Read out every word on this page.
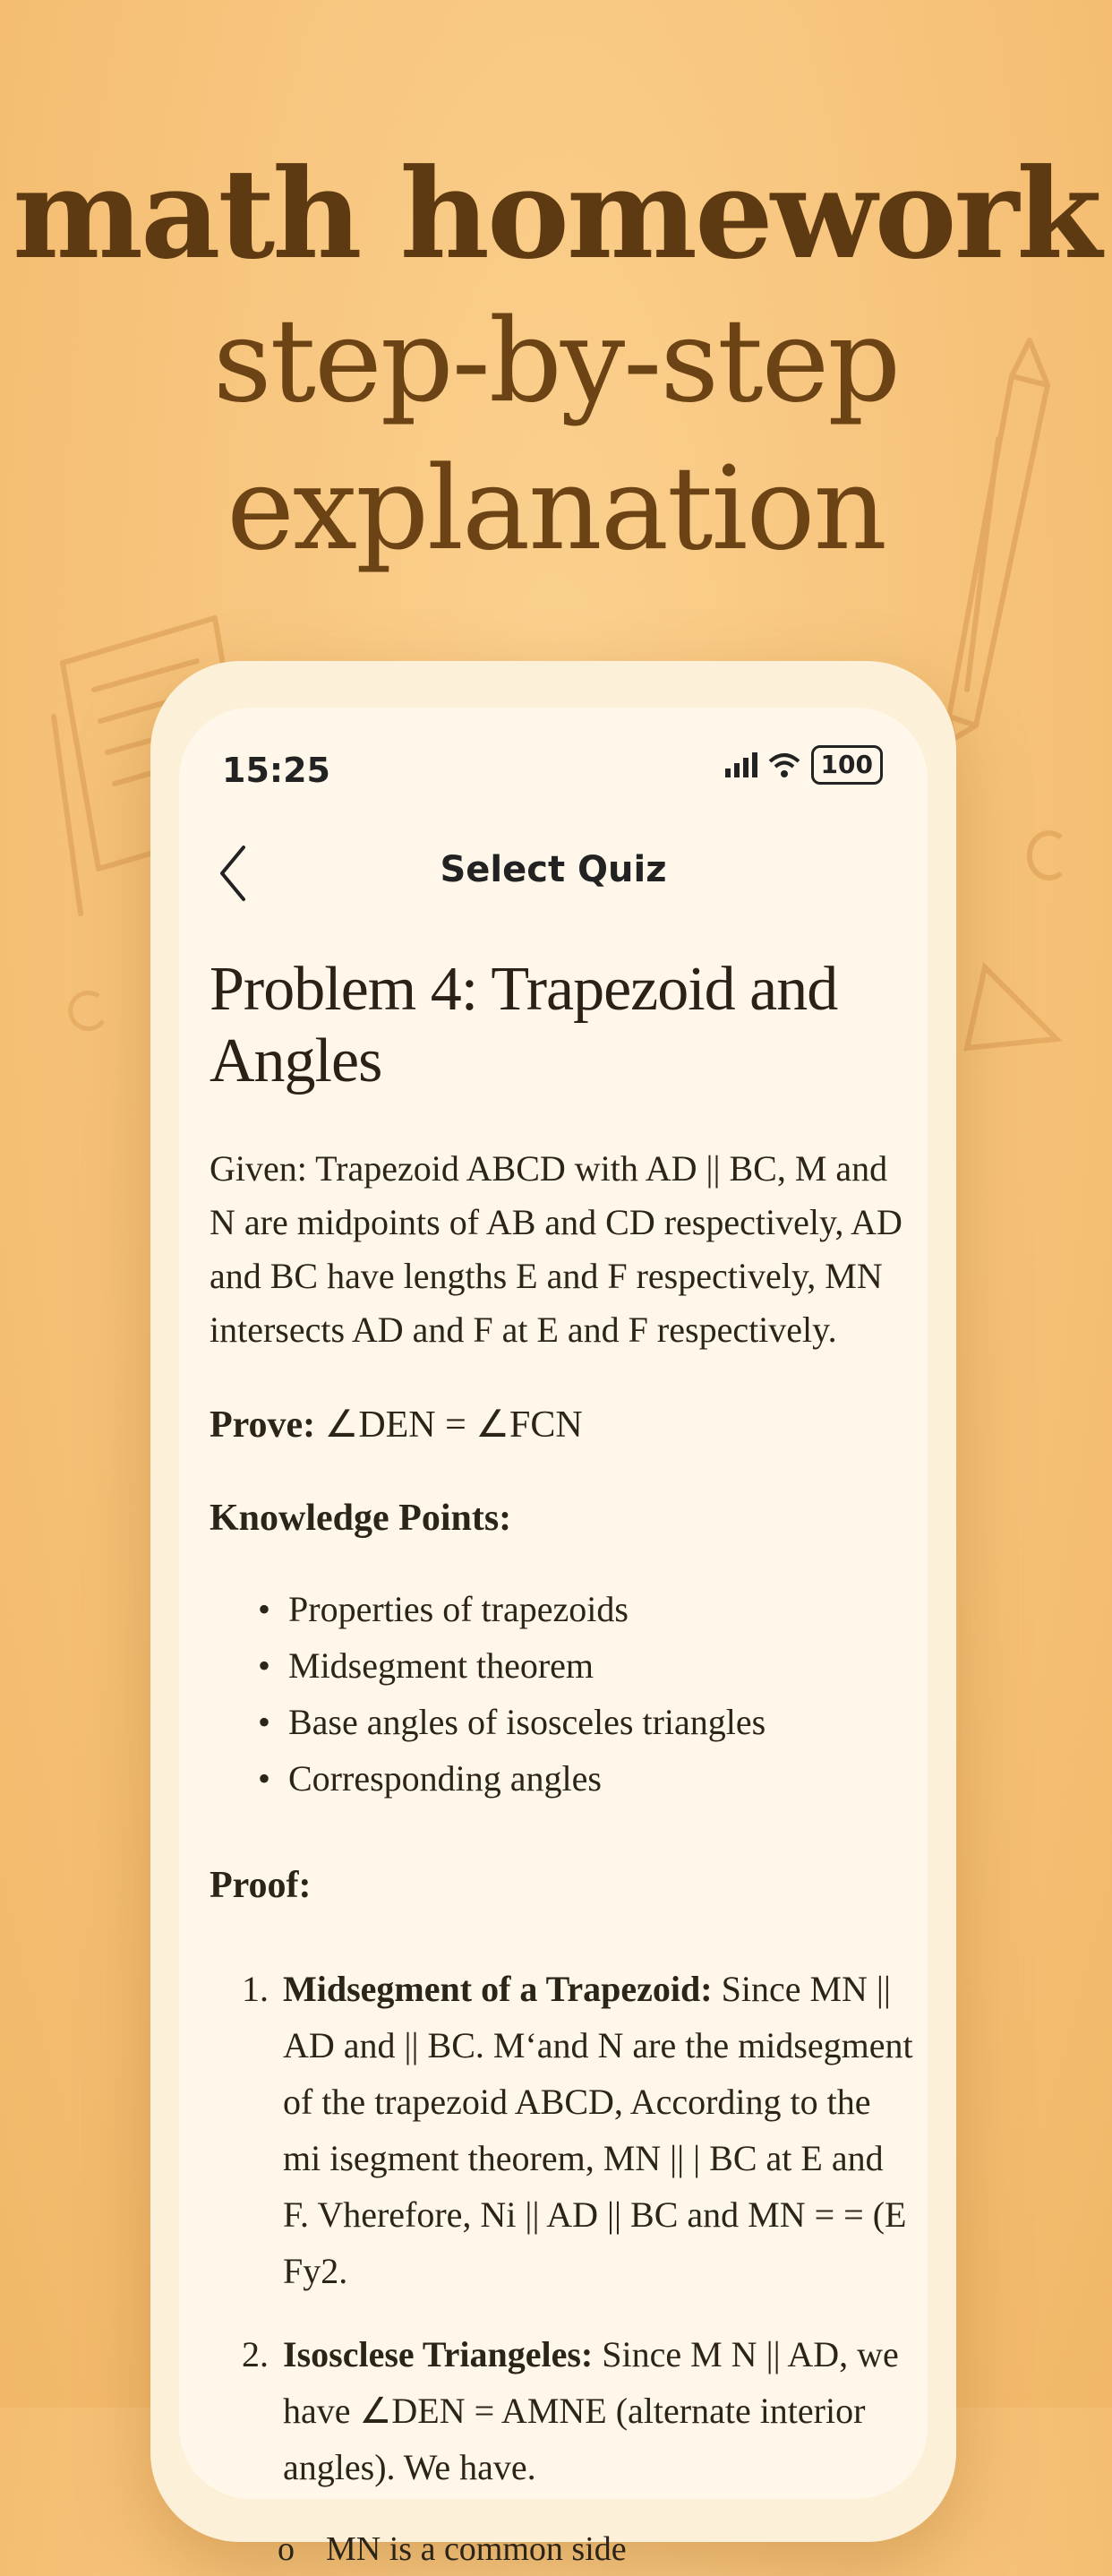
math homework
step-by-step
explanation
15:25	100
Select Quiz
Problem 4: Trapezoid and Angles

Given: Trapezoid ABCD with AD || BC, M and N are midpoints of AB and CD respectively, AD and BC have lengths E and F respectively, MN intersects AD and F at E and F respectively.

Prove: ∠DEN = ∠FCN

Knowledge Points:
• Properties of trapezoids
• Midsegment theorem
• Base angles of isosceles triangles
• Corresponding angles
Proof:
1. Midsegment of a Trapezoid: Since MN || AD and || BC. M‘and N are the midsegment of the trapezoid ABCD, According to the mi isegment theorem, MN || | BC at E and F. Vherefore, Ni || AD || BC and MN = = (E Fy2.
2. Isosclese Triangeles: Since M N || AD, we have ∠DEN = AMNE (alternate interior angles). We have.
o MN is a common side
